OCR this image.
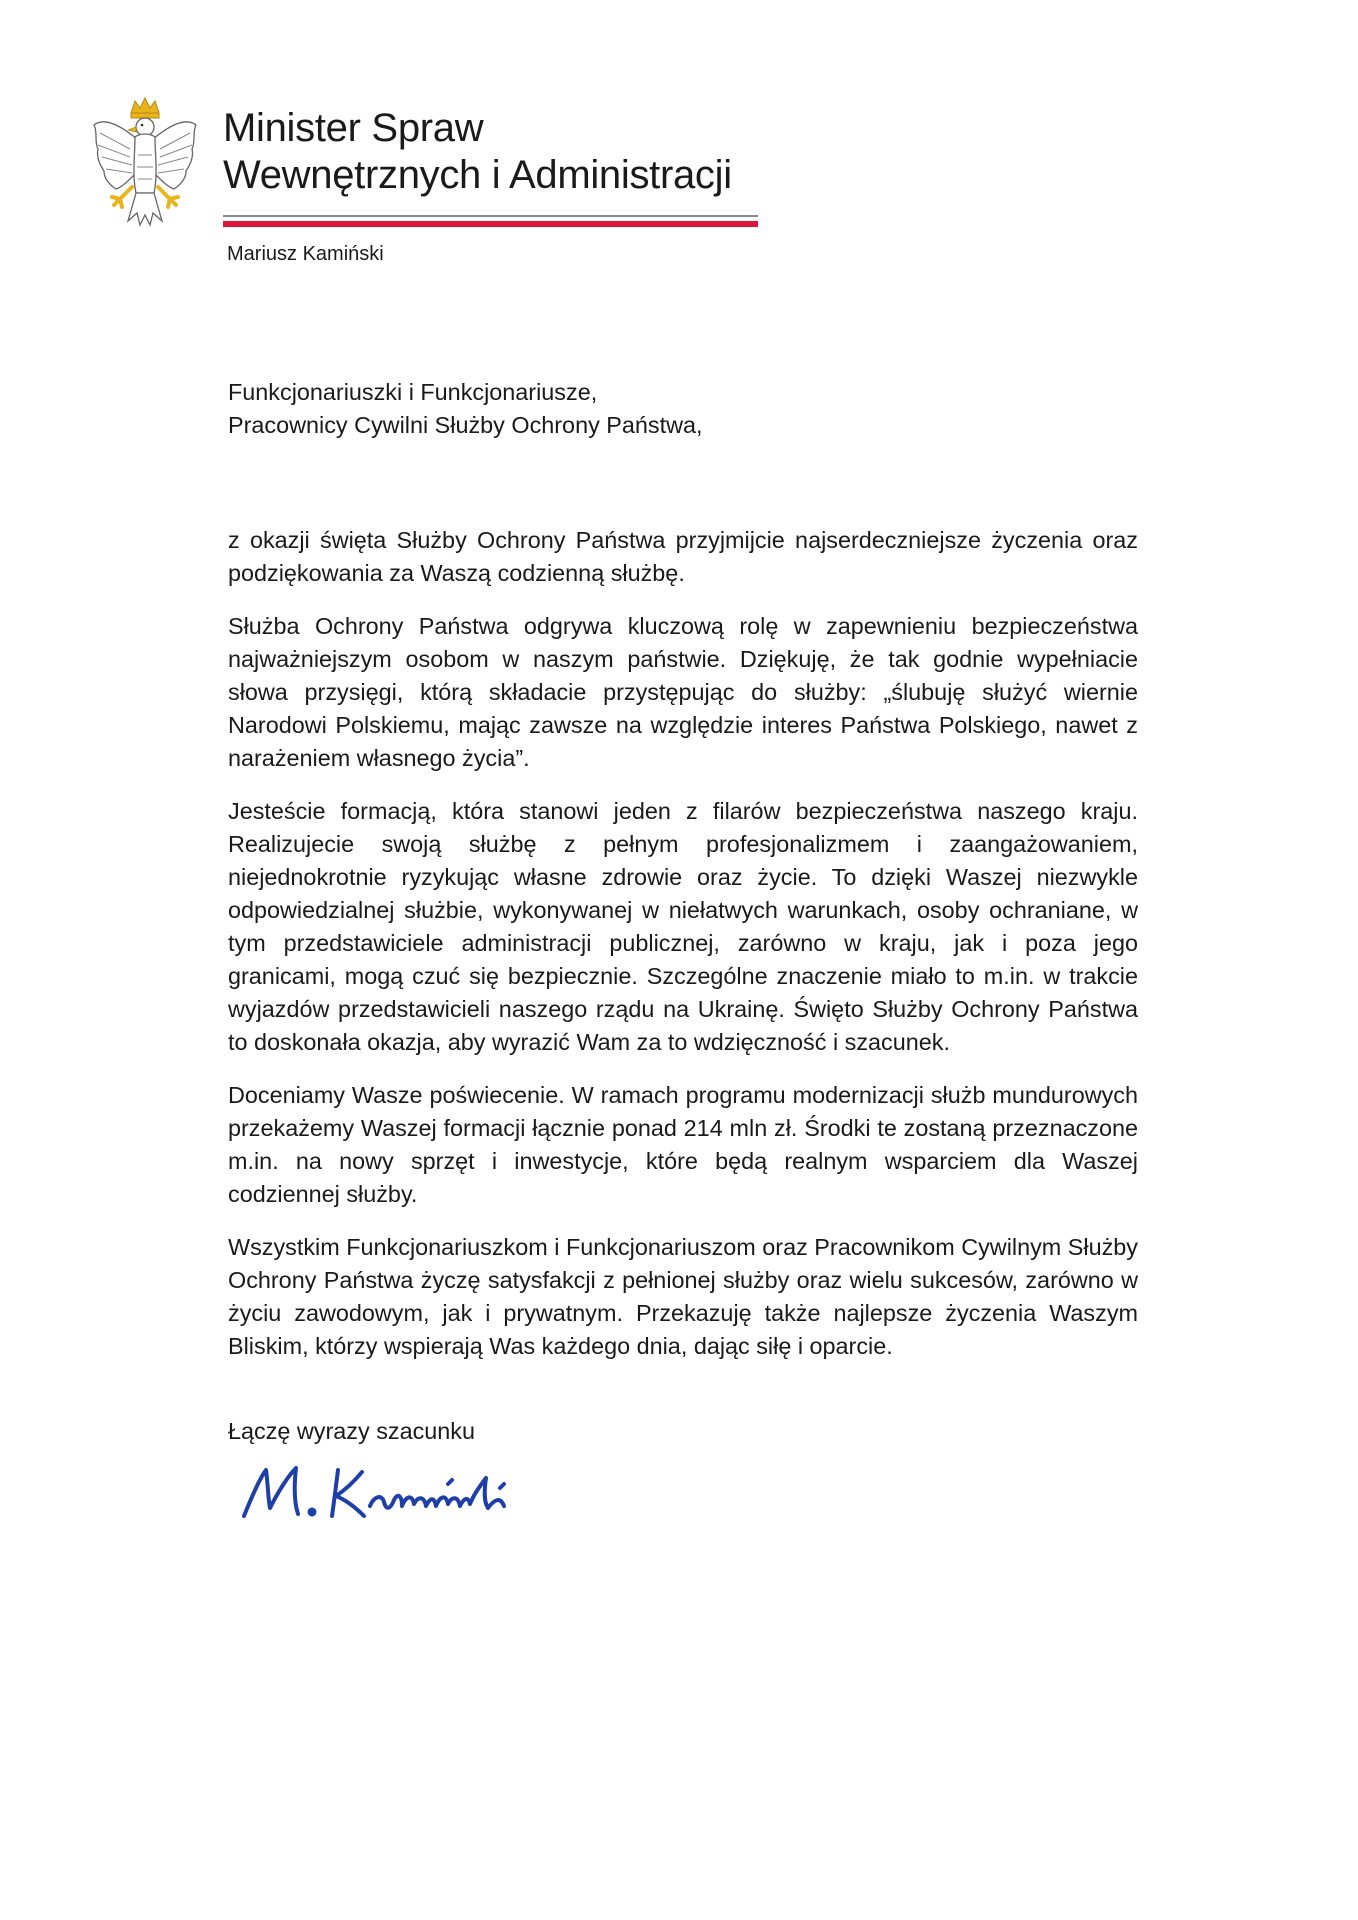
Minister Spraw
Wewnętrznych i Administracji
Mariusz Kamiński

Funkcjonariuszki i Funkcjonariusze,

Pracownicy Cywilni Służby Ochrony Państwa,

z okazji święta Służby Ochrony Państwa przyjmijcie najserdeczniejsze życzenia oraz podziękowania za Waszą codzienną służbę.

Służba Ochrony Państwa odgrywa kluczową rolę w zapewnieniu bezpieczeństwa najważniejszym osobom w naszym państwie. Dziękuję, że tak godnie wypełniacie słowa przysięgi, którą składacie przystępując do służby: „ślubuję służyć wiernie Narodowi Polskiemu, mając zawsze na względzie interes Państwa Polskiego, nawet z narażeniem własnego życia”.

Jesteście formacją, która stanowi jeden z filarów bezpieczeństwa naszego kraju. Realizujecie swoją służbę z pełnym profesjonalizmem i zaangażowaniem, niejednokrotnie ryzykując własne zdrowie oraz życie. To dzięki Waszej niezwykle odpowiedzialnej służbie, wykonywanej w niełatwych warunkach, osoby ochraniane, w tym przedstawiciele administracji publicznej, zarówno w kraju, jak i poza jego granicami, mogą czuć się bezpiecznie. Szczególne znaczenie miało to m.in. w trakcie wyjazdów przedstawicieli naszego rządu na Ukrainę. Święto Służby Ochrony Państwa to doskonała okazja, aby wyrazić Wam za to wdzięczność i szacunek.

Doceniamy Wasze poświecenie. W ramach programu modernizacji służb mundurowych przekażemy Waszej formacji łącznie ponad 214 mln zł. Środki te zostaną przeznaczone m.in. na nowy sprzęt i inwestycje, które będą realnym wsparciem dla Waszej codziennej służby.

Wszystkim Funkcjonariuszkom i Funkcjonariuszom oraz Pracownikom Cywilnym Służby Ochrony Państwa życzę satysfakcji z pełnionej służby oraz wielu sukcesów, zarówno w życiu zawodowym, jak i prywatnym. Przekazuję także najlepsze życzenia Waszym Bliskim, którzy wspierają Was każdego dnia, dając siłę i oparcie.

Łączę wyrazy szacunku
